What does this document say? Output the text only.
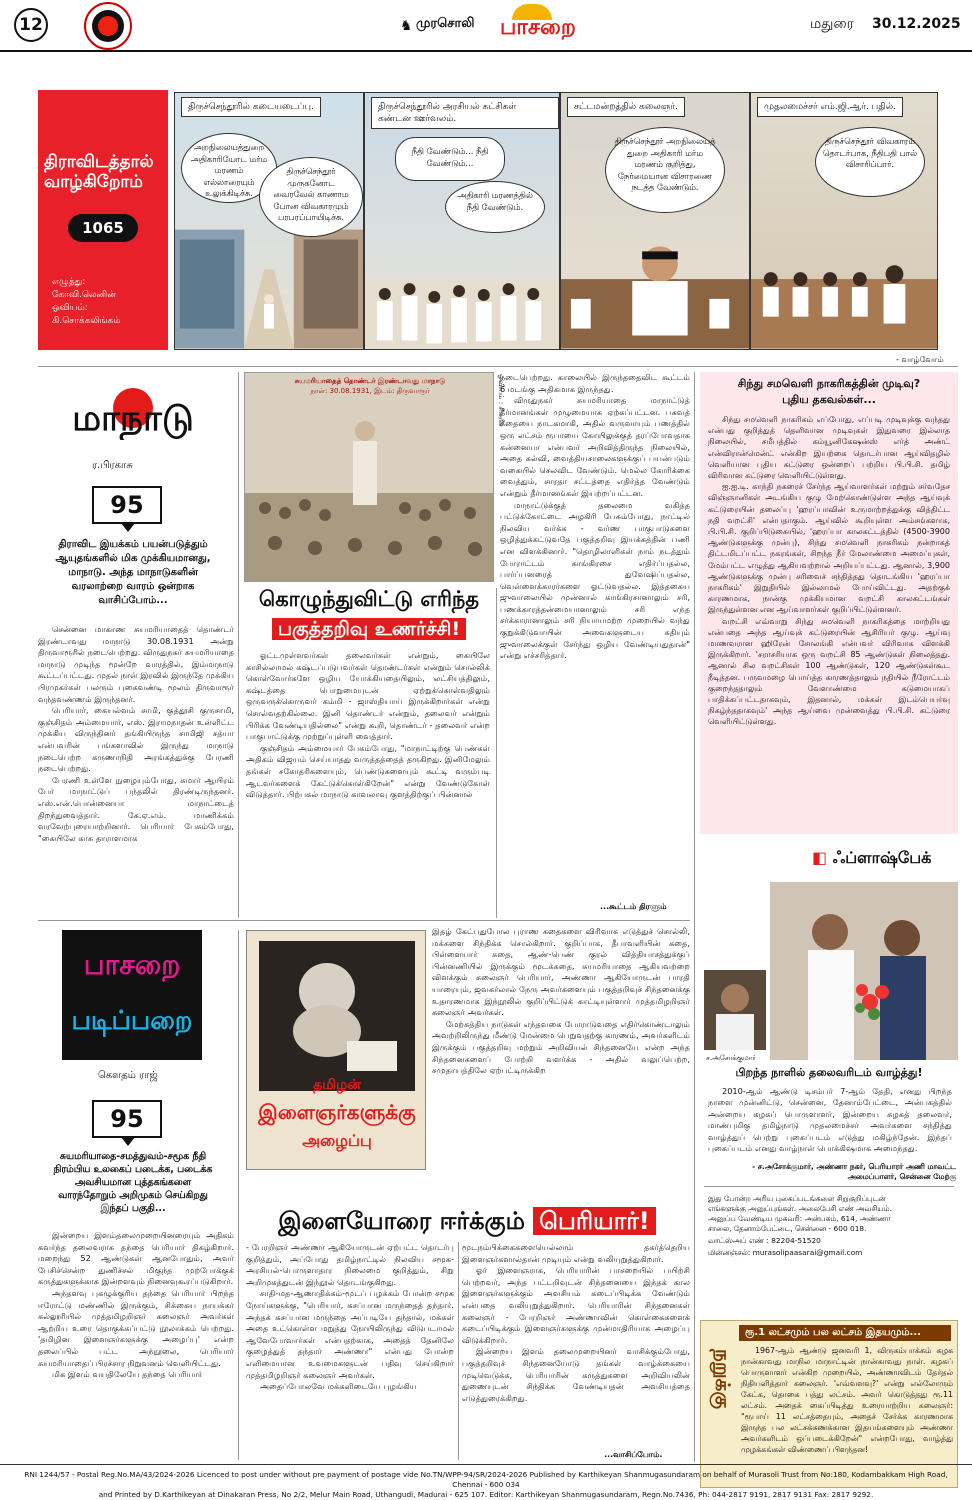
12	♞ முரசொலி பாசறை	மதுரை 30.12.2025
திராவிடத்தால் வாழ்கிறோம்
1065
எழுத்து:
கோவி.லெனின்
ஓவியம்:
கி.சொக்கலிங்கம்
திருச்செந்தூரில் கடையடைப்பு.
அறநிலையத்துறை அதிகாரியோட மர்ம மரணம் எல்லாரையும் உலுக்கிடிச்சு.
திருச்செந்தூர் முருகனோட வைரவேல் காணாம போன விவகாரமும் பரபரப்பாயிடிச்சு.
திருச்செந்தூரில் அரசியல் கட்சிகள் கண்டன ஊர்வலம்.
நீதி வேண்டும்... நீதி வேண்டும்...
அதிகாரி மரணத்தில் நீதி வேண்டும்.
சட்டமன்றத்தில் கலைஞர்.
திருச்செந்தூர் அறநிலையத் துறை அதிகாரி மர்ம மரணம் குறித்து, நேர்மையான விசாரணை நடத்த வேண்டும்.
முதலமைச்சர் எம்.ஜி.ஆர். பதில்.
திருச்செந்தூர் விவகாரம் தொடர்பாக, நீதிபதி பால் விசாரிப்பார்.
- வாழ்வோம்
மாநாடு
ர.பிரகாசு
95
திராவிட இயக்கம் பயன்படுத்தும் ஆயுதங்களில் மிக முக்கியமானது, மாநாடு. அந்த மாநாடுகளின் வரலாற்றை வாரம் ஒன்றாக வாசிப்போம்...

சென்னை மாகாண சுயமரியாதைத் தொண்டர் இரண்டாவது மாநாடு 30.08.1931 அன்று திருவாரூரில் நடைபெற்றது. விருதுநகர் சுயமரியாதை மாநாடு முடிந்த மூன்றே வாரத்தில், இம்மாநாடு கூட்டப்பட்டது. முதல் நாள் இரவில் இருந்தே முக்கிய பிரமுகர்கள் பலரும் புகைவண்டி மூலம் திருவாரூர் வந்தவண்ணம் இருந்தனர்.

பெரியார், கையல்வம் சாமி, குத்தூசி குருசாமி, குஞ்சிதம் அம்மையார், எஸ். இராமநாதன் உள்ளிட்ட முக்கிய விருந்தினர் தங்கியிருந்த சாமிஜி சத்யா என்பவரின் பங்களாவில் இருந்து மாநாடு நடைபெற்ற கருணாநிதி அரங்கத்துக்கு பேரணி நடைபெற்றது.

பேரணி உள்ளே நுழையும்போது, சுமார் ஆயிரம் பேர் மாநாட்டுப் பந்தலில் திரண்டிருந்தனர். எஸ்.என்.பொன்னையா மாநாட்டைத் திறந்துவைத்தார். கே.ஏ.எம். மாணிக்கம் வரவேற்புரையாற்றினார். பெரியார் பேசும்போது, "கையிலே காசு தாராளமாக

சுயமரியாதைத் தொண்டர் இரண்டாவது மாநாடு
நாள்: 30.08.1931, இடம்: திருவாரூர்	ஓவியம் : சிகரன்
கொழுந்துவிட்டு எரிந்த
பகுத்தறிவு உணர்ச்சி!

ஓட்டமுள்ளவர்கள் தலைவர்கள் என்றும், கையிலே காசில்லாமல் கஷ்டப்படுபவர்கள் தொண்டர்கள் என்றும் சொல்லிக் கொள்வோர்களே ஒழிய யோக்கியதையிலும், லட்சியத்திலும், கஷ்டத்தை பொறுமையுடன் ஏற்றுக்கொள்வதிலும் ஒருவருக்கொருவர் கம்மி - ஜாஸ்தியாய் இருக்கிறார்கள் என்று சொல்வதற்கில்லை. இனி தொண்டர் என்றும், தலைவர் என்றும் பிரிக்க வேண்டியதில்லை" என்று கூறி, தொண்டர் - தலைவர் என்ற பாகுபாட்டுக்கு முற்றுப்புள்ளி வைத்தார்.

குஞ்சிதம் அம்மையார் பேசும்போது, "மாநாட்டிற்கு பெண்கள் அதிகம் விஜயம் செய்யாதது வருத்தத்தைத் தருகிறது. இனிமேலும் தங்கள் சகோதரிகளையும், பெண்டுகளையும் கூட்டி வரும்படி ஆடவர்களைக் கேட்டுக்கொள்கிறேன்" என்று வேண்டுகோள் விடுத்தார். பிற்பகல் மாநாடு காவலாவு குளத்திற்குப் பின்னால்

நடைபெற்றது. காலையில் இருந்ததைவிட கூட்டம் 6 மடங்கு அதிகமாக இருந்தது.

விருதுநகர் சுயமரியாதை மாநாட்டுத் தீர்மானங்கள் முழுமையாக ஏற்கப்பட்டன. பகவத் கீதையை நாடகமாகி, அதில் வருவாயும் பணத்தில் ஒரு லட்சம் ரூபாயை கோயிலுக்குத் தரப்போவதாக கன்னையா என்பவர் அறிவித்திருந்த நிலையில், அதை கல்வி, வைத்தியசாலைகளுக்குப் பயன்படும் வகையில் செலவிட வேண்டும். மெல்ல கோரிக்கை வைத்தும், சாரதா சட்டத்தை எதிர்த்த வேண்டும் என்றும் தீர்மானங்கள் இயற்றப்பட்டன.

மாநாட்டுக்குத் தலைமை வகித்த பட்டுக்கோட்டை அழகிரி பேசும்போது, நாட்டில் நிலவிய வர்க்க - வர்ண பாகுபாடுகளை ஒழித்துக்கட்டுவதே பகுத்தறிவு இயக்கத்தின் பணி என விளக்கினார். "தொழிலாளிகள் நாம் நடத்தும் போராட்டம் காங்கிரசை எதிர்ப்பதல்ல, பார்ப்பனரைத் துவேஷிப்பதல்ல, வெள்ளைக்காரர்களை ஓட்டுவதல்ல. இத்தகைய ஜுவாலையில் முன்னால் காங்கிரசானாலும் சரி, பணக்காரத்தன்மையானாலும் சரி எந்த சர்க்காரானாலும் சரி நியாயமற்ற முறையில் வந்து குறுக்கிடுவாயின் அவைகளுடைய கதியும் ஜுவாலைக்குள் சேர்ந்து ஒழிய வேண்டியதுதான்" என்று எச்சரித்தார்.

...கூட்டம் திரளும்
பாசறை
படிப்பறை
கௌதம் ராஜ்
95
சுயமரியாதை-சமத்துவம்-சமூக நீதி நிரம்பிய உலகைப் படைக்க, படைக்க அவசியமான புத்தகங்களை வாரந்தோறும் அறிமுகம் செய்கிறது இந்தப் பகுதி...

இன்றைய இளம்தலைமுறையினரையும் அதிகம் கவர்ந்த தலைவராக தந்தை பெரியார் திகழ்கிறார். மறைந்து 52 ஆண்டுகள் ஆனபோதும், அவர் பேசிச்சென்ற துணிச்சல் மிகுந்த முற்போக்குக் கருத்துகளுக்காக இன்றளவும் நினைவுகூரப்படுகிறார்.

அந்தளவு புகழுக்குரிய தந்தை பெரியார் பிறந்த ஈரோட்டு மண்ணில் இருக்கும், சிக்கைய நாயக்கர் கல்லூரியில் முத்தமிழறிஞர் கலைஞர் அவர்கள் ஆற்றிய உரை தொகுக்கப்பட்டு நூலாக்கம் பெற்றது. 'தமிழின இளைஞர்களுக்கு அழைப்பு' என்ற தலைப்பில் பட்ட அந்நூலை, பெரியார் சுயமரியாதைப் பிரச்சார நிறுவனம் வெளியிட்டது.

மிக இளம் வயதிலேயே தந்தை பெரியார்

தமிழன்
இளைஞர்களுக்கு
அழைப்பு

இதழ் கேட்பதுபோல புராண கதைகளை விரிவாக எடுத்துச் சொல்லி, மக்களை சிந்திக்க சொல்கிறார். குறிப்பாக, தீபாவளியின் கதை, பிள்ளையார் கதை, ஆண்-பெண் குரல் வித்தியாசத்துக்குப் பின்னணியில் இருக்கும் மூடக்கதை, சுயமரியாதை ஆகியவற்றை விளக்கும் கலைஞர் பெரியார், அண்ணா ஆகியோருடன் பாரதி யாரையும், ஜவகர்லால் நேரு அவர்களையும் பகுத்தறிவுச் சிந்தனைக்கு உதாரணமாக இந்நூலில் குறிப்பிட்டுக் காட்டியுள்ளார் முத்தமிழறிஞர் கலைஞர் அவர்கள்.

மேற்கத்திய நாடுகள் எந்தவகை போராடுவதை எதிர்கொண்டாலும் அவற்றிலிருந்து மீண்டு மேன்மை பெறுவதற்கு காரணம், அவர்களிடம் இருக்கும் பகுத்தறிவு மற்றும் அறிவியல் சிந்தனையே என்ற அந்த சிந்தனைகளைப் போற்றி வளர்க்க - அதில் வலுப்பெற்ற, சமுதாயத்திலே ஏற்பட்டிருக்கிற

இளையோரை ஈர்க்கும் பெரியார்!

- பேரறிஞர் அண்ணா ஆகியோருடன் ஏற்பட்ட தொடர்பு குறித்தும், அப்போது தமிழ்நாட்டில் நிலவிய சமூக-அரசியல்-பொருளாதார நிலைமை குறித்தும், சிறு அறிமுகத்துடன் இந்நூல் தொடங்குகிறது.

சாதி-மத-ஆணாதிக்கம்-மூடப் பழக்கம் போன்ற சமூக நோய்களுக்கு, "பெரியார், கசப்பான மருந்தைத் தந்தார். அந்தக் கசப்பான மருந்தை அப்படியே தந்தால், மக்கள் அதை உட்கொள்ள மறுத்து நோயிலிருந்து விடுபடாமல் ஆவேபோவார்கள் என்பதற்காக, அதைத் தேனிலே குழைத்துத் தந்தார் அண்ணா" என்பது போன்ற எளிமையான உவமைகளுடன் பதிவு செய்கிறார் முத்தமிழறிஞர் கலைஞர் அவர்கள்.

அதைப்போலவே மக்களிடையே புழங்கிய

மூடநம்பிக்கைகளையெல்லாம் தகர்த்தெறிய இளைஞர்களால்தான் முடியும் என்று வலியுறுத்துகிறார்.

ஓர் இளைஞராக, பெரியாரின் பாசறையில் பயிற்சி பெற்றவர், அந்த பட்டறிவுடன் சிந்தனையை இந்தக் கால இளைஞர்களுக்கும் அவசியம் கடைப்பிடிக்க வேண்டும் என்பதை வலியுறுத்துகிறார். பெரியாரின் சிந்தனைகள் கலைஞர் - பேரறிஞர் அண்ணாவின் கொள்கைகளைக் கடைப்பிடிக்கும் இளைஞர்களுக்கு முன்மாதிரியாக அழைப்பு விடுக்கிறார்.

இன்றைய இளம் தலைமுறையினர் வாசிக்கும்போது, பகுத்தறிவுச் சிந்தனையோடு தங்கள் வாழ்க்கையை முடிவெடுக்க, பெரியாரின் கருத்துகளை அறிவியலின் துணையுடன் சிந்திக்க வேண்டியதன் அவசியத்தை எடுத்துரைக்கிறது.

...வாசிப்போம்.
சிந்து சமவெளி நாகரிகத்தின் முடிவு?
புதிய தகவல்கள்...

சிந்து சமவெளி நாகரிகம் எப்போது, எப்படி முடிவுக்கு வந்தது என்பது குறித்துத் தெளிவான முடிவுகள் இதுவரை இல்லாத நிலையில், சமீபத்தில் கம்யூனிகேஷன்ஸ் எர்த் அண்ட் என்விரான்மென்ட் என்கிற இயற்கை தொடர்பான ஆய்விதழில் வெளியான புதிய கட்டுரை ஒன்றைப் பற்றிய பி.பி.சி. தமிழ் விரிவான கட்டுரை வெளியிட்டுள்ளது.

ஐ.ஐ.டி. காந்தி நகரைச் சேர்ந்த ஆய்வாளர்கள் மற்றும் சர்வதேச விஞ்ஞானிகள் அடங்கிய குழு மேற்கொண்டுள்ள அந்த ஆய்வுக் கட்டுரையின் தலைப்பு 'ஹரப்பாவின் உருமாற்றத்துக்கு வித்திட்ட நதி வறட்சி' என்பதாகும். ஆய்வில் கூறியுள்ள அம்சங்களாக, பி.பி.சி. குறிப்பிடுகையில், 'ஹரப்பா காலகட்டத்தில் (4500-3900 ஆண்டுகளுக்கு முன்பு), சிந்து சமவெளி நாகரிகம் நன்றாகத் திட்டமிடப்பட்ட நகரங்கள், சிறந்த நீர் மேலாண்மை அமைப்புகள், மேம்பட்ட எழுத்து ஆகியவற்றால் அறியப்பட்டது. ஆனால், 3,900 ஆண்டுகளுக்கு முன்பு சரிவைச் சந்தித்தது தொடங்கிய 'ஹரப்பா நாகரிகம்' இறுதியில் இல்லாமல் போய்விட்டது. அதற்குக் காரணமாக, நான்கு முக்கியமான வறட்சி காலகட்டங்கள் இருந்துள்ளன என ஆய்வாளர்கள் குறிப்பிட்டுள்ளனர்.

வறட்சி எவ்வாறு சிந்து சமவெளி நாகரிகத்தை மாற்றியது என்பதை அந்த ஆய்வுக் கட்டுரையின் ஆசிரியர் குழு. ஆய்வு மாணவரான ஹிரேன் சோலங்கி என்பவர் விரிவாக விளக்கி இருக்கிறார். 'சராசரியாக ஒரு வறட்சி 85 ஆண்டுகள் நிலைத்தது. ஆனால் சில வறட்சிகள் 100 ஆண்டுகள், 120 ஆண்டுகள்கூட நீடித்தன. பருவமழை பொய்த்த காரணத்தாலும் நதியில் நீரோட்டம் குறைந்ததாலும் வேளாண்மை கடுமையாகப் பாதிக்கப்பட்டதாகவும், இதனால், மக்கள் இடம்பெயர்வு நிகழ்ந்ததாகவும்' அந்த ஆய்வை முன்வைத்து பி.பி.சி. கட்டுரை வெளியிட்டுள்ளது.

◧ ஃப்ளாஷ்பேக்
ச.அசோக்குமார்
பிறந்த நாளில் தலைவரிடம் வாழ்த்து!

2010-ஆம் ஆண்டு டிசம்பர் 7-ஆம் தேதி, எனது பிறந்த நாளை முன்னிட்டு, சென்னை, தேனாம்பேட்டை, அன்பகத்தில் அன்றைய கழகப் பொருளாளர், இன்றைய கழகத் தலைவர், மாண்புமிகு தமிழ்நாடு முதலமைச்சர் அவர்களை சந்தித்து வாழ்த்துப் பெற்று புகைப்படம் எடுத்து மகிழ்ந்தேன். இந்தப் புகைப்படம் எனது வாழ்நாள் பொக்கிஷமாக அமைந்தது.

- ச.அசோக்குமார், அண்ணா நகர், பெரியாரர் அணி மாவட்ட அமைப்பாளர், சென்னை மேற்கு
இது போன்ற அரிய புகைப்படங்களை சிறுகுறிப்புடன் எங்களுக்கு அனுப்புங்கள். அலைபேசி எண் அவசியம். அனுப்ப வேண்டிய முகவரி: அன்பகம், 614, அண்ணா சாலை, தேனாம்பேட்டை, சென்னை - 600 018.
வாட்ஸ்அப் எண் : 82204-51520
மின்னஞ்சல்: murasolipaasarai@gmail.com
நறுக்கு
ரூ.1 லட்சமும் பல லட்சம் இதயமும்...

1967-ஆம் ஆண்டு ஜனவரி 1, விருகம்பாக்கம் கழக நான்காவது மாநில மாநாட்டின் நான்காவது நாள். கழகப் பொருளாளர் என்கிற முறையில், அண்ணாவிடம் தேர்தல் நிதியளித்தார் கலைஞர். 'எவ்வளவு?' என்று எல்லோரும் கேட்க, தொகை பத்து லட்சம். அவர் கொடுத்தது ரூ.11 லட்சம். அதைக் கைப்பிடித்து உரையாற்றிய கலைஞர்: "ரூபாய் 11 லட்சத்தையும், அதைச் சேர்க்க காரணமாக இருந்த பல லட்சக்கணக்கான இதயங்களையும் அண்ணா அவர்களிடம் ஒப்படைக்கிறேன்" என்றபோது, வாழ்த்து முழக்கங்கள் விண்ணைப் பிளந்தன!

RNI 1244/57 - Postal Reg.No.MA/43/2024-2026 Licenced to post under without pre payment of postage vide No.TN/WPP-94/SR/2024-2026 Published by Karthikeyan Shanmugasundaram on behalf of Murasoli Trust from No:180, Kodambakkam High Road, Chennai - 600 034
and Printed by D.Karthikeyan at Dinakaran Press, No 2/2, Melur Main Road, Uthangudi, Madurai - 625 107. Editor: Karthikeyan Shanmugasundaram, Regn.No.7436, Ph: 044-2817 9191, 2817 9131 Fax: 2817 9292.
